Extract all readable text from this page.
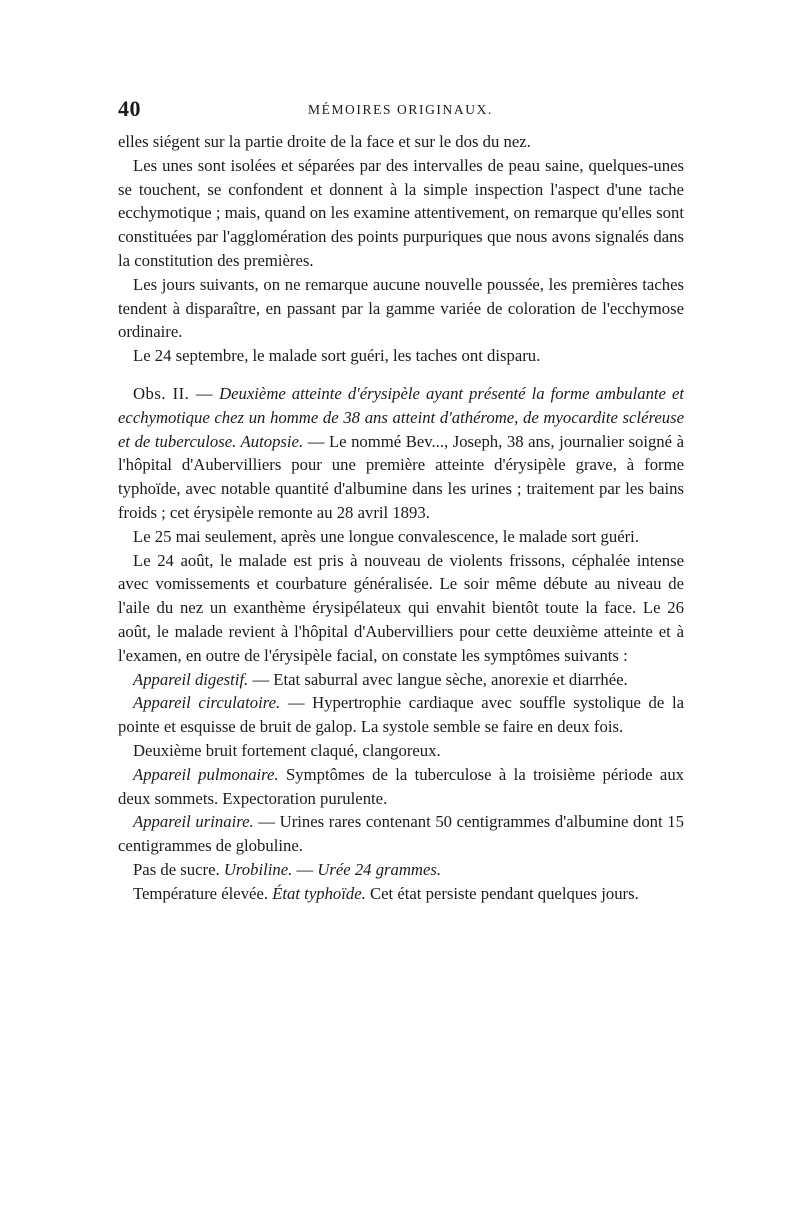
40	MÉMOIRES ORIGINAUX.

elles siégent sur la partie droite de la face et sur le dos du nez.

Les unes sont isolées et séparées par des intervalles de peau saine, quelques-unes se touchent, se confondent et donnent à la simple inspection l'aspect d'une tache ecchymotique ; mais, quand on les examine attentivement, on remarque qu'elles sont constituées par l'agglomération des points purpuriques que nous avons signalés dans la constitution des premières.

Les jours suivants, on ne remarque aucune nouvelle poussée, les premières taches tendent à disparaître, en passant par la gamme variée de coloration de l'ecchymose ordinaire.

Le 24 septembre, le malade sort guéri, les taches ont disparu.

Obs. II. — Deuxième atteinte d'érysipèle ayant présenté la forme ambulante et ecchymotique chez un homme de 38 ans atteint d'athérome, de myocardite scléreuse et de tuberculose. Autopsie. — Le nommé Bev..., Joseph, 38 ans, journalier soigné à l'hôpital d'Aubervilliers pour une première atteinte d'érysipèle grave, à forme typhoïde, avec notable quantité d'albumine dans les urines ; traitement par les bains froids ; cet érysipèle remonte au 28 avril 1893.

Le 25 mai seulement, après une longue convalescence, le malade sort guéri.

Le 24 août, le malade est pris à nouveau de violents frissons, céphalée intense avec vomissements et courbature généralisée. Le soir même débute au niveau de l'aile du nez un exanthème érysipélateux qui envahit bientôt toute la face. Le 26 août, le malade revient à l'hôpital d'Aubervilliers pour cette deuxième atteinte et à l'examen, en outre de l'érysipèle facial, on constate les symptômes suivants :

Appareil digestif. — Etat saburral avec langue sèche, anorexie et diarrhée.

Appareil circulatoire. — Hypertrophie cardiaque avec souffle systolique de la pointe et esquisse de bruit de galop. La systole semble se faire en deux fois.

Deuxième bruit fortement claqué, clangoreux.

Appareil pulmonaire. Symptômes de la tuberculose à la troisième période aux deux sommets. Expectoration purulente.

Appareil urinaire. — Urines rares contenant 50 centigrammes d'albumine dont 15 centigrammes de globuline.

Pas de sucre. Urobiline. — Urée 24 grammes.

Température élevée. État typhoïde. Cet état persiste pendant quelques jours.
